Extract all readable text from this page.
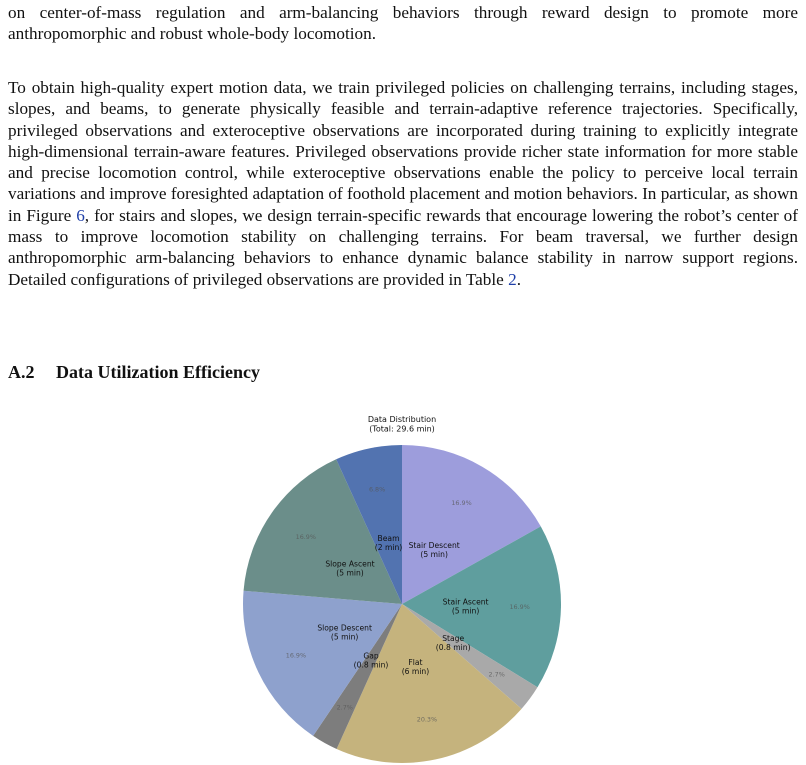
on center-of-mass regulation and arm-balancing behaviors through reward design to promote more anthropomorphic and robust whole-body locomotion.

To obtain high-quality expert motion data, we train privileged policies on challenging terrains, including stages, slopes, and beams, to generate physically feasible and terrain-adaptive reference trajectories. Specifically, privileged observations and exteroceptive observations are incorporated during training to explicitly integrate high-dimensional terrain-aware features. Privileged observations provide richer state information for more stable and precise locomotion control, while exteroceptive observations enable the policy to perceive local terrain variations and improve foresighted adaptation of foothold placement and motion behaviors. In particular, as shown in Figure 6, for stairs and slopes, we design terrain-specific rewards that encourage lowering the robot’s center of mass to improve locomotion stability on challenging terrains. For beam traversal, we further design anthropomorphic arm-balancing behaviors to enhance dynamic balance stability in narrow support regions. Detailed configurations of privileged observations are provided in Table 2.

A.2 Data Utilization Efficiency
Data Distribution
(Total: 29.6 min)
Stair Descent (5 min)
16.9%
Stair Ascent (5 min)	16.9%
Stage (0.8 min)
2.7%
Flat (6 min)
20.3%
Gap (0.8 min)
2.7%
Slope Descent (5 min)
16.9%
Slope Ascent (5 min)
16.9%	Beam (2 min)
6.8%
